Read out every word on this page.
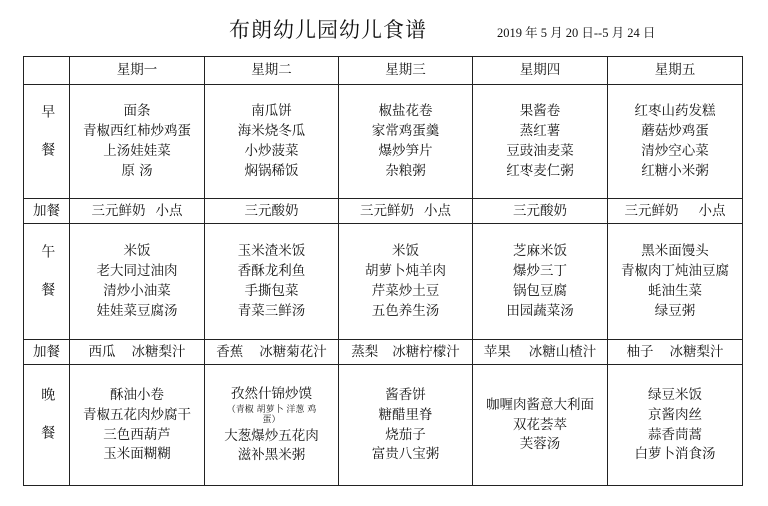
布朗幼儿园幼儿食谱	2019 年 5 月 20 日--5 月 24 日
	星期一	星期二	星期三	星期四	星期五

早餐	面条
青椒西红柿炒鸡蛋
上汤娃娃菜
原 汤	南瓜饼
海米烧冬瓜
小炒菠菜
焖锅稀饭	椒盐花卷
家常鸡蛋羹
爆炒笋片
杂粮粥	果酱卷
蒸红薯
豆豉油麦菜
红枣麦仁粥	红枣山药发糕
蘑菇炒鸡蛋
清炒空心菜
红糖小米粥

加餐	三元鲜奶 小点	三元酸奶	三元鲜奶 小点	三元酸奶	三元鲜奶 小点

午餐	米饭
老大同过油肉
清炒小油菜
娃娃菜豆腐汤	玉米渣米饭
香酥龙利鱼
手撕包菜
青菜三鲜汤	米饭
胡萝卜炖羊肉
芹菜炒土豆
五色养生汤	芝麻米饭
爆炒三丁
锅包豆腐
田园蔬菜汤	黑米面馒头
青椒肉丁炖油豆腐
蚝油生菜
绿豆粥

加餐	西瓜 冰糖梨汁	香蕉 冰糖菊花汁	蒸梨 冰糖柠檬汁	苹果 冰糖山楂汁	柚子 冰糖梨汁

晚餐	酥油小卷
青椒五花肉炒腐干
三色西葫芦
玉米面糊糊	孜然什锦炒馍
（青椒 胡萝卜 洋葱 鸡
蛋）
大葱爆炒五花肉
滋补黑米粥	酱香饼
糖醋里脊
烧茄子
富贵八宝粥	咖喱肉酱意大利面
双花荟萃
芙蓉汤	绿豆米饭
京酱肉丝
蒜香茼蒿
白萝卜消食汤
